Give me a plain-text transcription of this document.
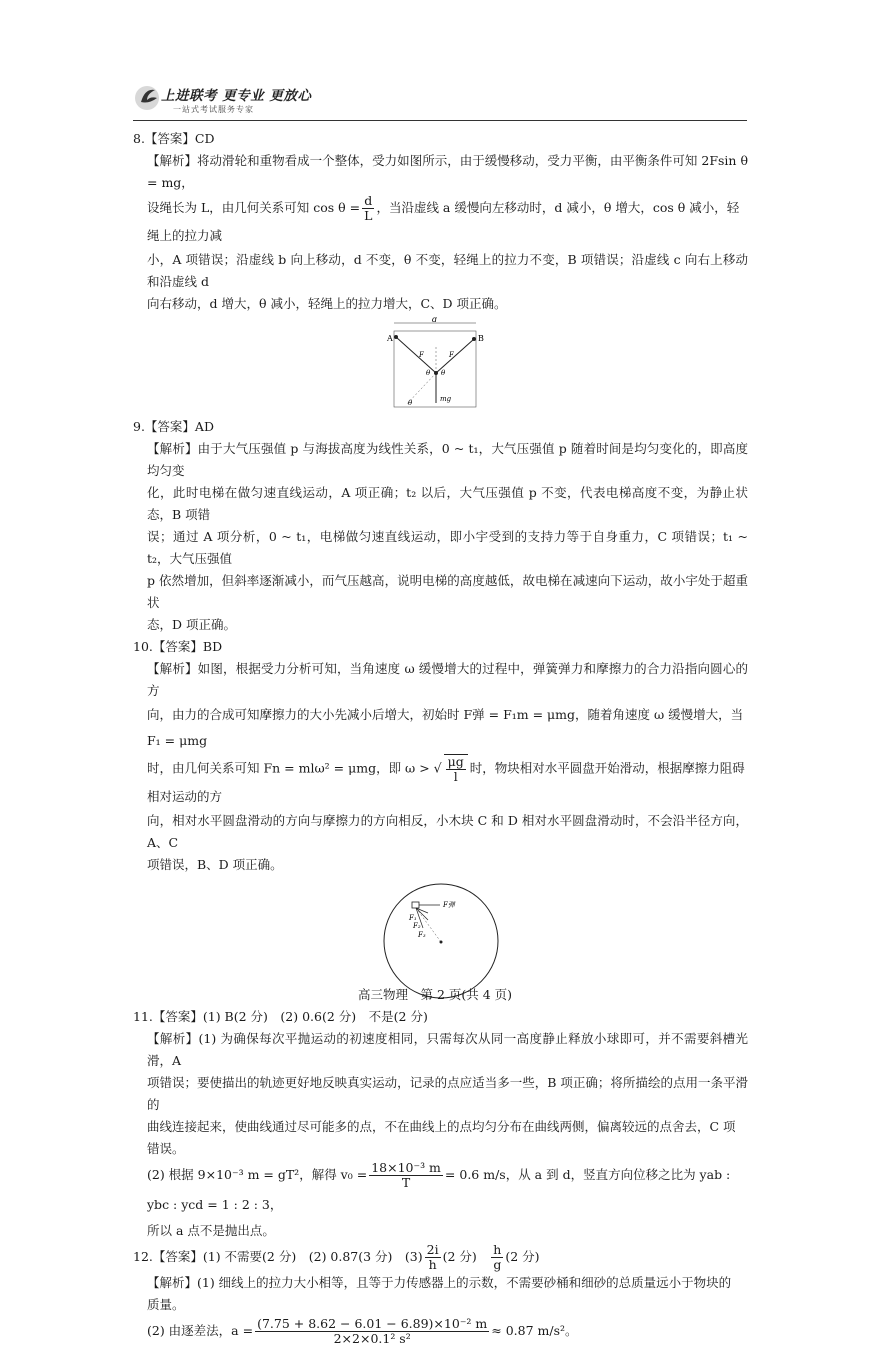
上进联考 更专业 更放心
一站式考试服务专家

8.【答案】CD

【解析】将动滑轮和重物看成一个整体，受力如图所示，由于缓慢移动，受力平衡，由平衡条件可知 2Fsin θ = mg，

设绳长为 L，由几何关系可知 $\cos \theta = \frac{d}{L}$ ，当沿虚线 a 缓慢向左移动时，d 减小，θ 增大，cos θ 减小，轻绳上的拉力减

小，A 项错误；沿虚线 b 向上移动，d 不变，θ 不变，轻绳上的拉力不变，B 项错误；沿虚线 c 向右上移动和沿虚线 d

向右移动，d 增大，θ 减小，轻绳上的拉力增大，C、D 项正确。

d
A	B
F	F
mg
θ θ
θ

9.【答案】AD

【解析】由于大气压强值 p 与海拔高度为线性关系，0 ~ t₁，大气压强值 p 随着时间是均匀变化的，即高度均匀变

化，此时电梯在做匀速直线运动，A 项正确；t₂ 以后，大气压强值 p 不变，代表电梯高度不变，为静止状态，B 项错

误；通过 A 项分析，0 ~ t₁，电梯做匀速直线运动，即小宇受到的支持力等于自身重力，C 项错误；t₁ ~ t₂，大气压强值

p 依然增加，但斜率逐渐减小，而气压越高，说明电梯的高度越低，故电梯在减速向下运动，故小宇处于超重状

态，D 项正确。

10.【答案】BD

【解析】如图，根据受力分析可知，当角速度 ω 缓慢增大的过程中，弹簧弹力和摩擦力的合力沿指向圆心的方

向，由力的合成可知摩擦力的大小先减小后增大，初始时 F弹 = F₁m = μmg，随着角速度 ω 缓慢增大，当 F₁ = μmg

时，由几何关系可知 Fn = mlω² = μmg，即 ω > √ $\frac{\mu g}{l}$ 时，物块相对水平圆盘开始滑动，根据摩擦力阻碍相对运动的方

向，相对水平圆盘滑动的方向与摩擦力的方向相反，小木块 C 和 D 相对水平圆盘滑动时，不会沿半径方向，A、C

项错误，B、D 项正确。

F弹
F₁
F₂
F₃

11.【答案】(1) B(2 分)　(2) 0.6(2 分)　不是(2 分)

【解析】(1) 为确保每次平抛运动的初速度相同，只需每次从同一高度静止释放小球即可，并不需要斜槽光滑，A

项错误；要使描出的轨迹更好地反映真实运动，记录的点应适当多一些，B 项正确；将所描绘的点用一条平滑的

曲线连接起来，使曲线通过尽可能多的点，不在曲线上的点均匀分布在曲线两侧，偏离较远的点舍去，C 项

错误。

(2) 根据 9×10⁻³ m = gT²，解得 $v_0 = \frac{\text{18×10⁻³ m}}{T} = 0.6$ m/s，从 a 到 d，竖直方向位移之比为 yab : ybc : ycd = 1 : 2 : 3，

所以 a 点不是抛出点。

12.【答案】(1) 不需要(2 分)　(2) 0.87(3 分)　$(3) \frac{2i}{h} (2$ 分)　 $\frac{h}{g} (2$ 分)

【解析】(1) 细线上的拉力大小相等，且等于力传感器上的示数，不需要砂桶和细砂的总质量远小于物块的

质量。

(2) 由逐差法，$a = \frac{\text{(7.75 + 8.62 − 6.01 − 6.89)×10⁻² m}}{\text{2×2×0.1² s²}} \approx 0.87$ m/s²。

高三物理　第 2 页(共 4 页)
